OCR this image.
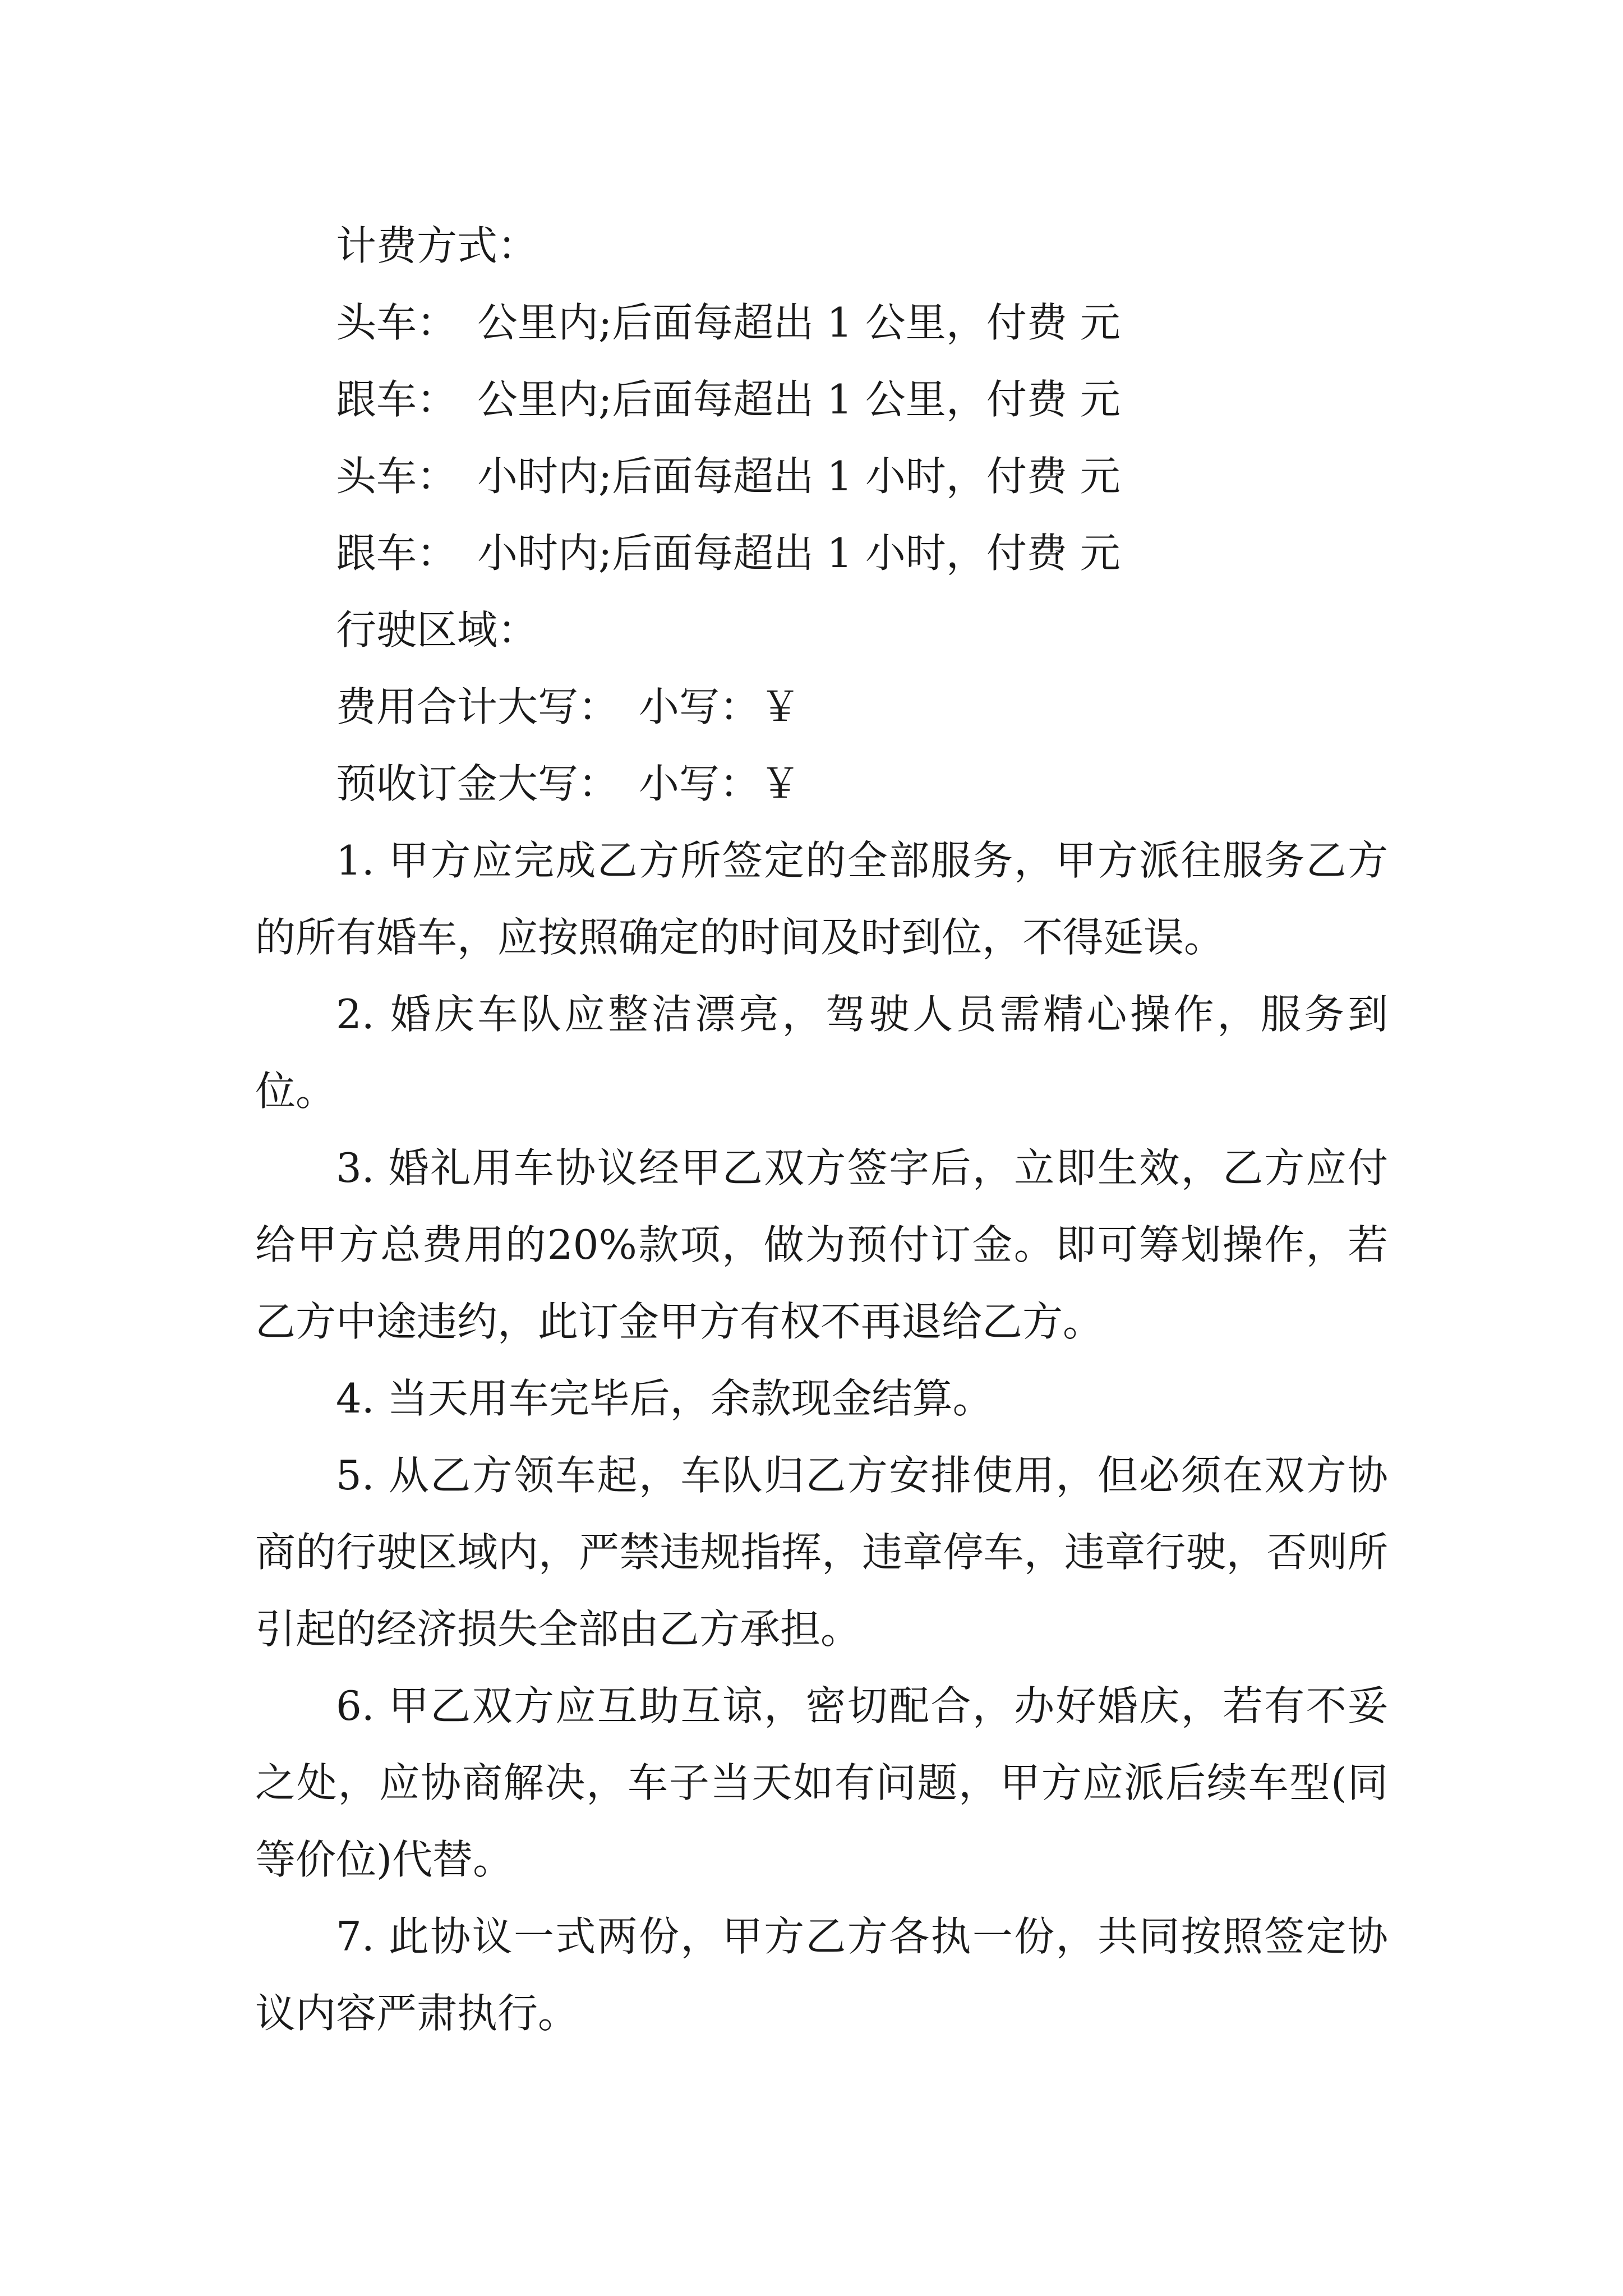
计费方式：

头车：　公里内;后面每超出 1 公里，付费 元

跟车：　公里内;后面每超出 1 公里，付费 元

头车：　小时内;后面每超出 1 小时，付费 元

跟车：　小时内;后面每超出 1 小时，付费 元

行驶区域：

费用合计大写：　小写：￥

预收订金大写：　小写：￥

1. 甲方应完成乙方所签定的全部服务，甲方派往服务乙方的所有婚车，应按照确定的时间及时到位，不得延误。

2. 婚庆车队应整洁漂亮，驾驶人员需精心操作，服务到位。

3. 婚礼用车协议经甲乙双方签字后，立即生效，乙方应付给甲方总费用的20%款项，做为预付订金。即可筹划操作，若乙方中途违约，此订金甲方有权不再退给乙方。

4. 当天用车完毕后，余款现金结算。

5. 从乙方领车起，车队归乙方安排使用，但必须在双方协商的行驶区域内，严禁违规指挥，违章停车，违章行驶，否则所引起的经济损失全部由乙方承担。

6. 甲乙双方应互助互谅，密切配合，办好婚庆，若有不妥之处，应协商解决，车子当天如有问题，甲方应派后续车型(同等价位)代替。

7. 此协议一式两份，甲方乙方各执一份，共同按照签定协议内容严肃执行。
